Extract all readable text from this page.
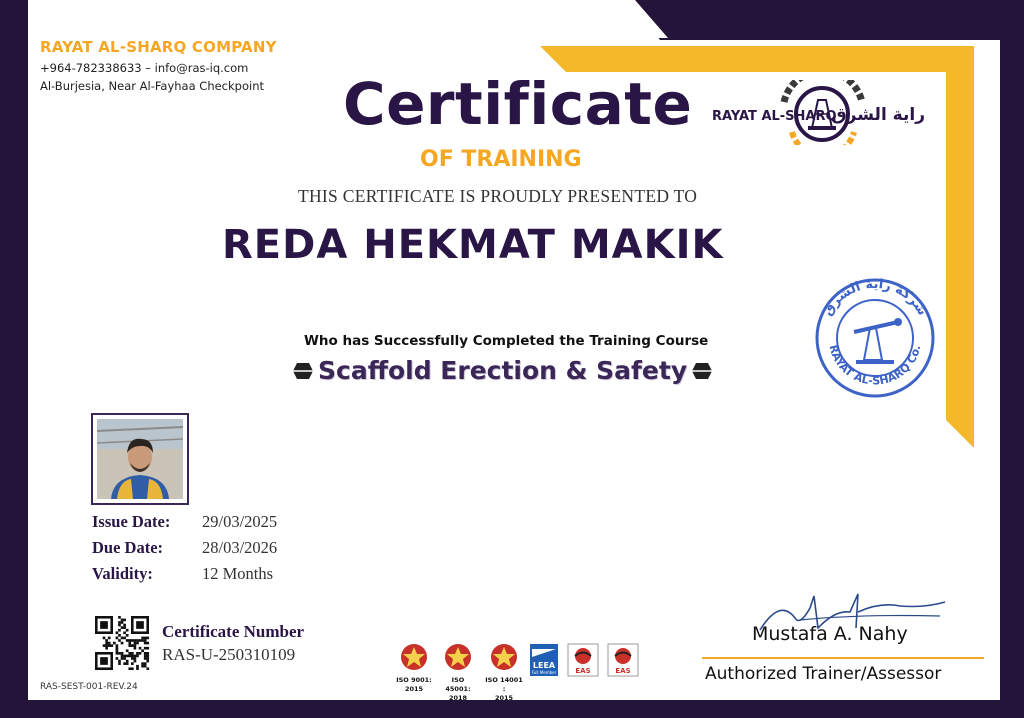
RAYAT AL-SHARQ COMPANY
+964-782338633 – info@ras-iq.com
Al-Burjesia, Near Al-Fayhaa Checkpoint
RAYAT AL-SHARQ
راية الشرق
Certificate
OF TRAINING
THIS CERTIFICATE IS PROUDLY PRESENTED TO
REDA HEKMAT MAKIK
Who has Successfully Completed the Training Course
Scaffold Erection & Safety
شركة راية الشرق
RAYAT AL-SHARQ Co.
Issue Date: 29/03/2025
Due Date: 28/03/2026
Validity:	12 Months
Certificate Number
RAS-U-250310109
RAS-SEST-001-REV.24
ISO 9001:
2015
ISO 45001:
2018
ISO 14001 :
2015
LEEA
Full Member	EAS	EAS
Mustafa A. Nahy
Authorized Trainer/Assessor
